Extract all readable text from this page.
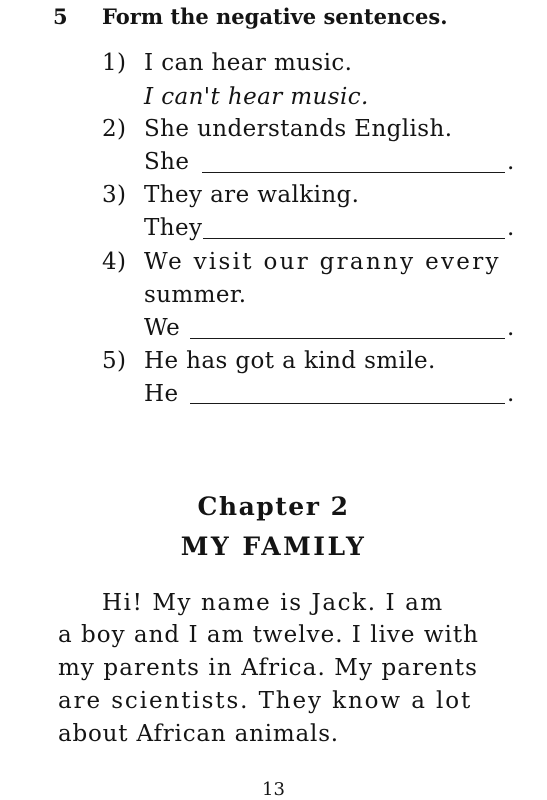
5 Form the negative sentences.
1) I can hear music.
I can't hear music.
2) She understands English.
She	.
3) They are walking.
They	.
4) We visit our granny every
summer.
We	.
5) He has got a kind smile.
He	.
Chapter 2
MY FAMILY
Hi! My name is Jack. I am
a boy and I am twelve. I live with
my parents in Africa. My parents
are scientists. They know a lot
about African animals.
13
